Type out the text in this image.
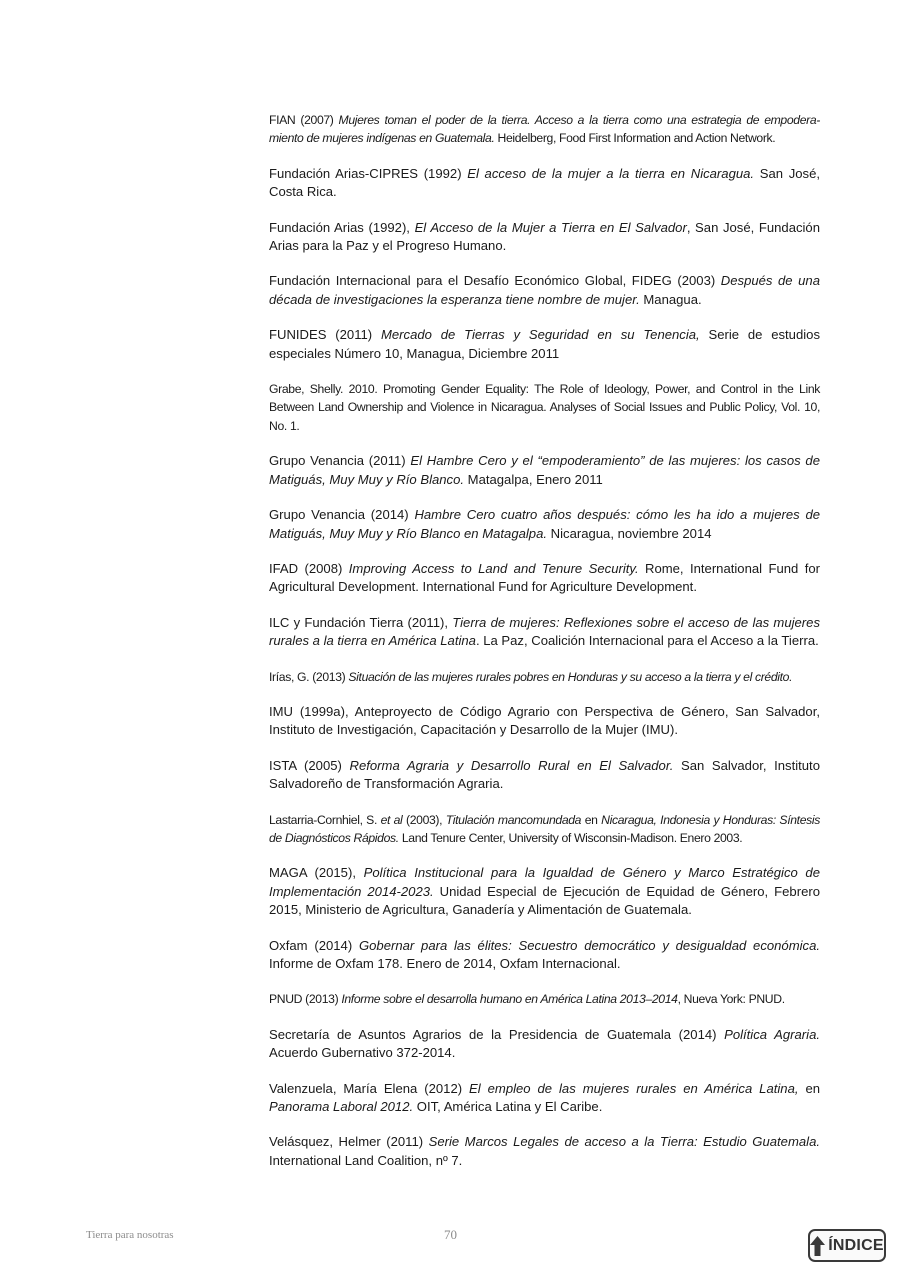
FIAN (2007) Mujeres toman el poder de la tierra. Acceso a la tierra como una estrategia de empodera-miento de mujeres indígenas en Guatemala. Heidelberg, Food First Information and Action Network.

Fundación Arias-CIPRES (1992) El acceso de la mujer a la tierra en Nicaragua. San José, Costa Rica.

Fundación Arias (1992), El Acceso de la Mujer a Tierra en El Salvador, San José, Fundación Arias para la Paz y el Progreso Humano.

Fundación Internacional para el Desafío Económico Global, FIDEG (2003) Después de una década de investigaciones la esperanza tiene nombre de mujer. Managua.

FUNIDES (2011) Mercado de Tierras y Seguridad en su Tenencia, Serie de estudios especiales Número 10, Managua, Diciembre 2011

Grabe, Shelly. 2010. Promoting Gender Equality: The Role of Ideology, Power, and Control in the Link Between Land Ownership and Violence in Nicaragua. Analyses of Social Issues and Public Policy, Vol. 10, No. 1.

Grupo Venancia (2011) El Hambre Cero y el “empoderamiento” de las mujeres: los casos de Matiguás, Muy Muy y Río Blanco. Matagalpa, Enero 2011

Grupo Venancia (2014) Hambre Cero cuatro años después: cómo les ha ido a mujeres de Matiguás, Muy Muy y Río Blanco en Matagalpa. Nicaragua, noviembre 2014

IFAD (2008) Improving Access to Land and Tenure Security. Rome, International Fund for Agricultural Development. International Fund for Agriculture Development.

ILC y Fundación Tierra (2011), Tierra de mujeres: Reflexiones sobre el acceso de las mujeres rurales a la tierra en América Latina. La Paz, Coalición Internacional para el Acceso a la Tierra.

Irías, G. (2013) Situación de las mujeres rurales pobres en Honduras y su acceso a la tierra y el crédito.

IMU (1999a), Anteproyecto de Código Agrario con Perspectiva de Género, San Salvador, Instituto de Investigación, Capacitación y Desarrollo de la Mujer (IMU).

ISTA (2005) Reforma Agraria y Desarrollo Rural en El Salvador. San Salvador, Instituto Salvadoreño de Transformación Agraria.

Lastarria-Cornhiel, S. et al (2003), Titulación mancomundada en Nicaragua, Indonesia y Honduras: Síntesis de Diagnósticos Rápidos. Land Tenure Center, University of Wisconsin-Madison. Enero 2003.

MAGA (2015), Política Institucional para la Igualdad de Género y Marco Estratégico de Implementación 2014-2023. Unidad Especial de Ejecución de Equidad de Género, Febrero 2015, Ministerio de Agricultura, Ganadería y Alimentación de Guatemala.

Oxfam (2014) Gobernar para las élites: Secuestro democrático y desigualdad económica. Informe de Oxfam 178. Enero de 2014, Oxfam Internacional.

PNUD (2013) Informe sobre el desarrolla humano en América Latina 2013–2014, Nueva York: PNUD.

Secretaría de Asuntos Agrarios de la Presidencia de Guatemala (2014) Política Agraria. Acuerdo Gubernativo 372-2014.

Valenzuela, María Elena (2012) El empleo de las mujeres rurales en América Latina, en Panorama Laboral 2012. OIT, América Latina y El Caribe.

Velásquez, Helmer (2011) Serie Marcos Legales de acceso a la Tierra: Estudio Guatemala. International Land Coalition, nº 7.

Tierra para nosotras	70
ÍNDICE
